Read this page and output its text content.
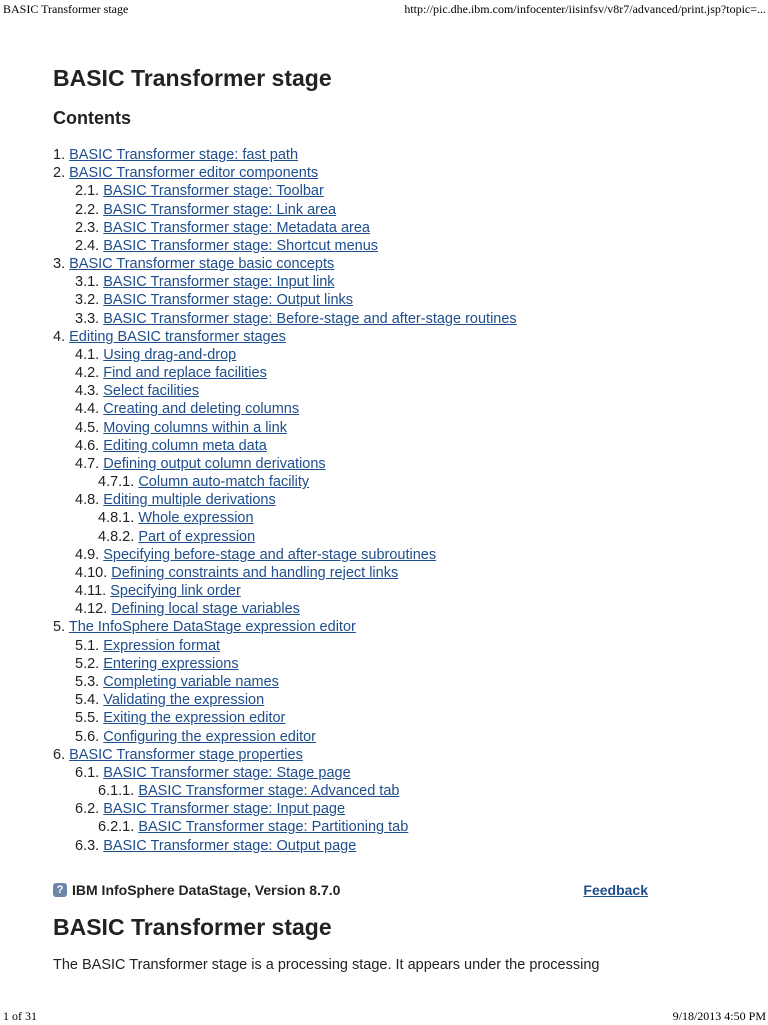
BASIC Transformer stage	http://pic.dhe.ibm.com/infocenter/iisinfsv/v8r7/advanced/print.jsp?topic=...
BASIC Transformer stage
Contents
1. BASIC Transformer stage: fast path
2. BASIC Transformer editor components
2.1. BASIC Transformer stage: Toolbar
2.2. BASIC Transformer stage: Link area
2.3. BASIC Transformer stage: Metadata area
2.4. BASIC Transformer stage: Shortcut menus
3. BASIC Transformer stage basic concepts
3.1. BASIC Transformer stage: Input link
3.2. BASIC Transformer stage: Output links
3.3. BASIC Transformer stage: Before-stage and after-stage routines
4. Editing BASIC transformer stages
4.1. Using drag-and-drop
4.2. Find and replace facilities
4.3. Select facilities
4.4. Creating and deleting columns
4.5. Moving columns within a link
4.6. Editing column meta data
4.7. Defining output column derivations
4.7.1. Column auto-match facility
4.8. Editing multiple derivations
4.8.1. Whole expression
4.8.2. Part of expression
4.9. Specifying before-stage and after-stage subroutines
4.10. Defining constraints and handling reject links
4.11. Specifying link order
4.12. Defining local stage variables
5. The InfoSphere DataStage expression editor
5.1. Expression format
5.2. Entering expressions
5.3. Completing variable names
5.4. Validating the expression
5.5. Exiting the expression editor
5.6. Configuring the expression editor
6. BASIC Transformer stage properties
6.1. BASIC Transformer stage: Stage page
6.1.1. BASIC Transformer stage: Advanced tab
6.2. BASIC Transformer stage: Input page
6.2.1. BASIC Transformer stage: Partitioning tab
6.3. BASIC Transformer stage: Output page
? IBM InfoSphere DataStage, Version 8.7.0	Feedback
BASIC Transformer stage

The BASIC Transformer stage is a processing stage. It appears under the processing

1 of 31	9/18/2013 4:50 PM
